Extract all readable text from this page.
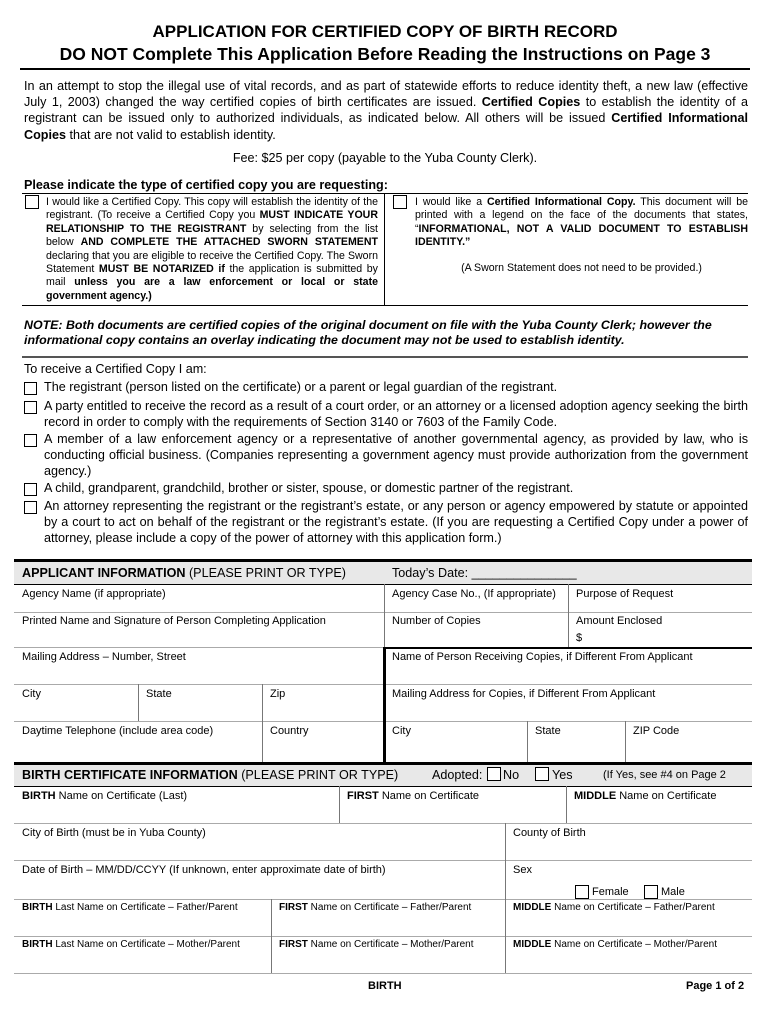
APPLICATION FOR CERTIFIED COPY OF BIRTH RECORD
DO NOT Complete This Application Before Reading the Instructions on Page 3
In an attempt to stop the illegal use of vital records, and as part of statewide efforts to reduce identity theft, a new law (effective July 1, 2003) changed the way certified copies of birth certificates are issued. Certified Copies to establish the identity of a registrant can be issued only to authorized individuals, as indicated below. All others will be issued Certified Informational Copies that are not valid to establish identity.
Fee: $25 per copy (payable to the Yuba County Clerk).
Please indicate the type of certified copy you are requesting:
I would like a Certified Copy. This copy will establish the identity of the registrant. (To receive a Certified Copy you MUST INDICATE YOUR RELATIONSHIP TO THE REGISTRANT by selecting from the list below AND COMPLETE THE ATTACHED SWORN STATEMENT declaring that you are eligible to receive the Certified Copy. The Sworn Statement MUST BE NOTARIZED if the application is submitted by mail unless you are a law enforcement or local or state government agency.)
I would like a Certified Informational Copy. This document will be printed with a legend on the face of the documents that states, “INFORMATIONAL, NOT A VALID DOCUMENT TO ESTABLISH IDENTITY.”
(A Sworn Statement does not need to be provided.)
NOTE: Both documents are certified copies of the original document on file with the Yuba County Clerk; however the informational copy contains an overlay indicating the document may not be used to establish identity.
To receive a Certified Copy I am:
The registrant (person listed on the certificate) or a parent or legal guardian of the registrant.
A party entitled to receive the record as a result of a court order, or an attorney or a licensed adoption agency seeking the birth record in order to comply with the requirements of Section 3140 or 7603 of the Family Code.
A member of a law enforcement agency or a representative of another governmental agency, as provided by law, who is conducting official business. (Companies representing a government agency must provide authorization from the government agency.)
A child, grandparent, grandchild, brother or sister, spouse, or domestic partner of the registrant.
An attorney representing the registrant or the registrant’s estate, or any person or agency empowered by statute or appointed by a court to act on behalf of the registrant or the registrant’s estate. (If you are requesting a Certified Copy under a power of attorney, please include a copy of the power of attorney with this application form.)
APPLICANT INFORMATION (PLEASE PRINT OR TYPE)	Today’s Date: _______________
Agency Name (if appropriate)	Agency Case No., (If appropriate) Purpose of Request
Printed Name and Signature of Person Completing Application	Number of Copies	Amount Enclosed
$
Mailing Address – Number, Street	Name of Person Receiving Copies, if Different From Applicant
City	State	Zip	Mailing Address for Copies, if Different From Applicant
Daytime Telephone (include area code)	Country	City	State	ZIP Code
BIRTH CERTIFICATE INFORMATION (PLEASE PRINT OR TYPE)	Adopted: No	Yes	(If Yes, see #4 on Page 2
BIRTH Name on Certificate (Last)	FIRST Name on Certificate	MIDDLE Name on Certificate
City of Birth (must be in Yuba County)	County of Birth
Date of Birth – MM/DD/CCYY (If unknown, enter approximate date of birth)	Sex
Female	Male
BIRTH Last Name on Certificate – Father/Parent	FIRST Name on Certificate – Father/Parent	MIDDLE Name on Certificate – Father/Parent
BIRTH Last Name on Certificate – Mother/Parent	FIRST Name on Certificate – Mother/Parent	MIDDLE Name on Certificate – Mother/Parent
BIRTH	Page 1 of 2
